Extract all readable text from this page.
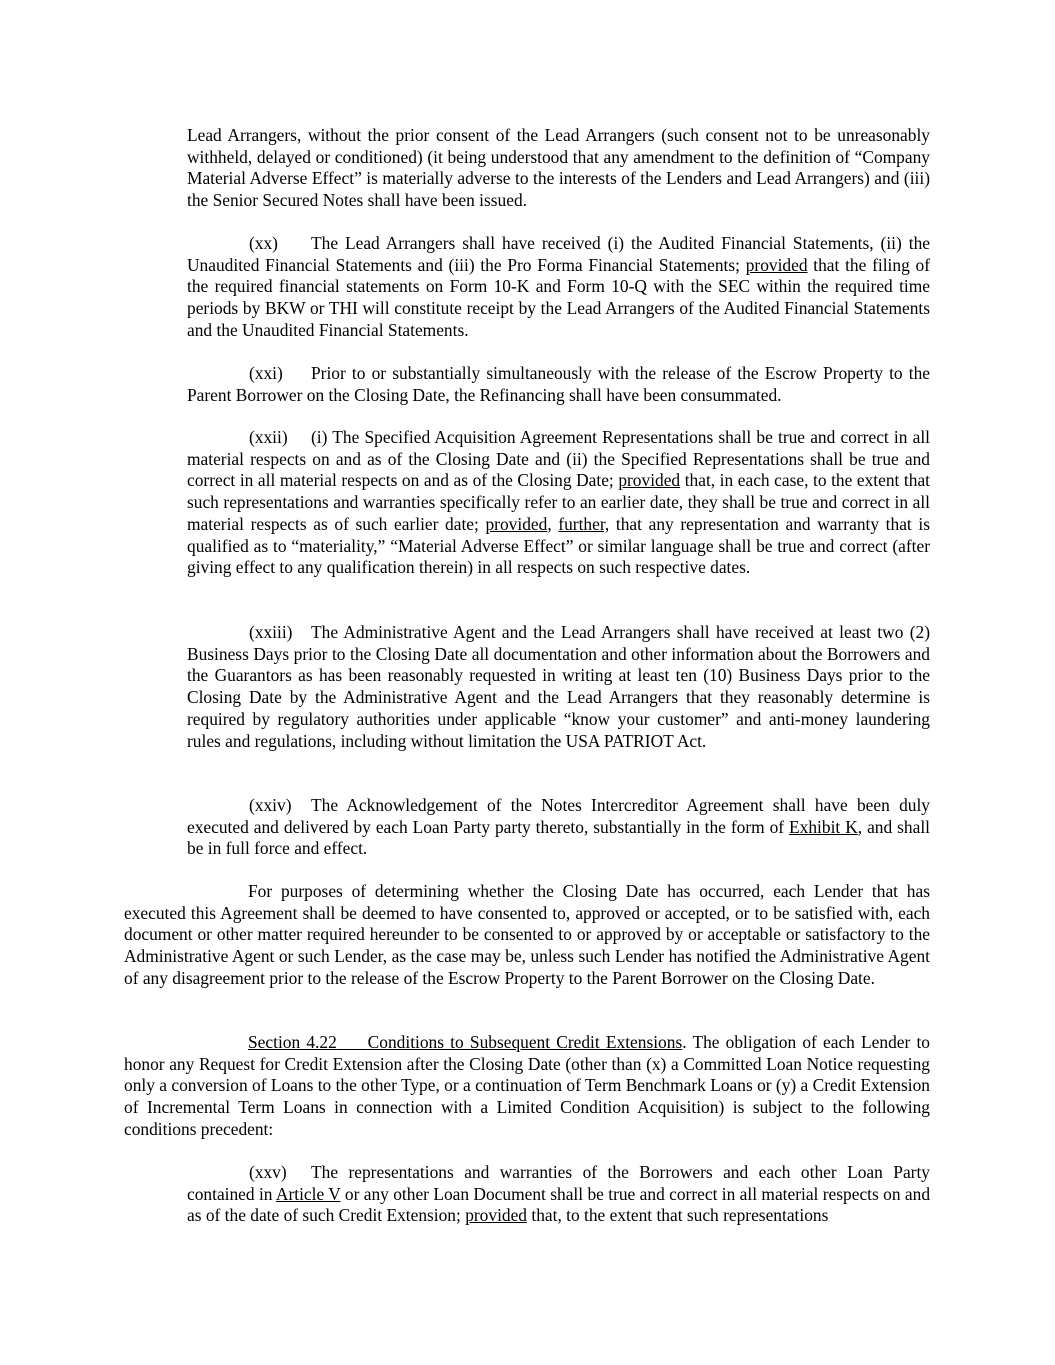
Lead Arrangers, without the prior consent of the Lead Arrangers (such consent not to be unreasonably withheld, delayed or conditioned) (it being understood that any amendment to the definition of “Company Material Adverse Effect” is materially adverse to the interests of the Lenders and Lead Arrangers) and (iii) the Senior Secured Notes shall have been issued.

(xx) The Lead Arrangers shall have received (i) the Audited Financial Statements, (ii) the Unaudited Financial Statements and (iii) the Pro Forma Financial Statements; provided that the filing of the required financial statements on Form 10-K and Form 10-Q with the SEC within the required time periods by BKW or THI will constitute receipt by the Lead Arrangers of the Audited Financial Statements and the Unaudited Financial Statements.

(xxi) Prior to or substantially simultaneously with the release of the Escrow Property to the Parent Borrower on the Closing Date, the Refinancing shall have been consummated.

(xxii) (i) The Specified Acquisition Agreement Representations shall be true and correct in all material respects on and as of the Closing Date and (ii) the Specified Representations shall be true and correct in all material respects on and as of the Closing Date; provided that, in each case, to the extent that such representations and warranties specifically refer to an earlier date, they shall be true and correct in all material respects as of such earlier date; provided, further, that any representation and warranty that is qualified as to “materiality,” “Material Adverse Effect” or similar language shall be true and correct (after giving effect to any qualification therein) in all respects on such respective dates.

(xxiii) The Administrative Agent and the Lead Arrangers shall have received at least two (2) Business Days prior to the Closing Date all documentation and other information about the Borrowers and the Guarantors as has been reasonably requested in writing at least ten (10) Business Days prior to the Closing Date by the Administrative Agent and the Lead Arrangers that they reasonably determine is required by regulatory authorities under applicable “know your customer” and anti-money laundering rules and regulations, including without limitation the USA PATRIOT Act.

(xxiv) The Acknowledgement of the Notes Intercreditor Agreement shall have been duly executed and delivered by each Loan Party party thereto, substantially in the form of Exhibit K, and shall be in full force and effect.

For purposes of determining whether the Closing Date has occurred, each Lender that has executed this Agreement shall be deemed to have consented to, approved or accepted, or to be satisfied with, each document or other matter required hereunder to be consented to or approved by or acceptable or satisfactory to the Administrative Agent or such Lender, as the case may be, unless such Lender has notified the Administrative Agent of any disagreement prior to the release of the Escrow Property to the Parent Borrower on the Closing Date.

Section 4.22 Conditions to Subsequent Credit Extensions. The obligation of each Lender to honor any Request for Credit Extension after the Closing Date (other than (x) a Committed Loan Notice requesting only a conversion of Loans to the other Type, or a continuation of Term Benchmark Loans or (y) a Credit Extension of Incremental Term Loans in connection with a Limited Condition Acquisition) is subject to the following conditions precedent:

(xxv) The representations and warranties of the Borrowers and each other Loan Party contained in Article V or any other Loan Document shall be true and correct in all material respects on and as of the date of such Credit Extension; provided that, to the extent that such representations
